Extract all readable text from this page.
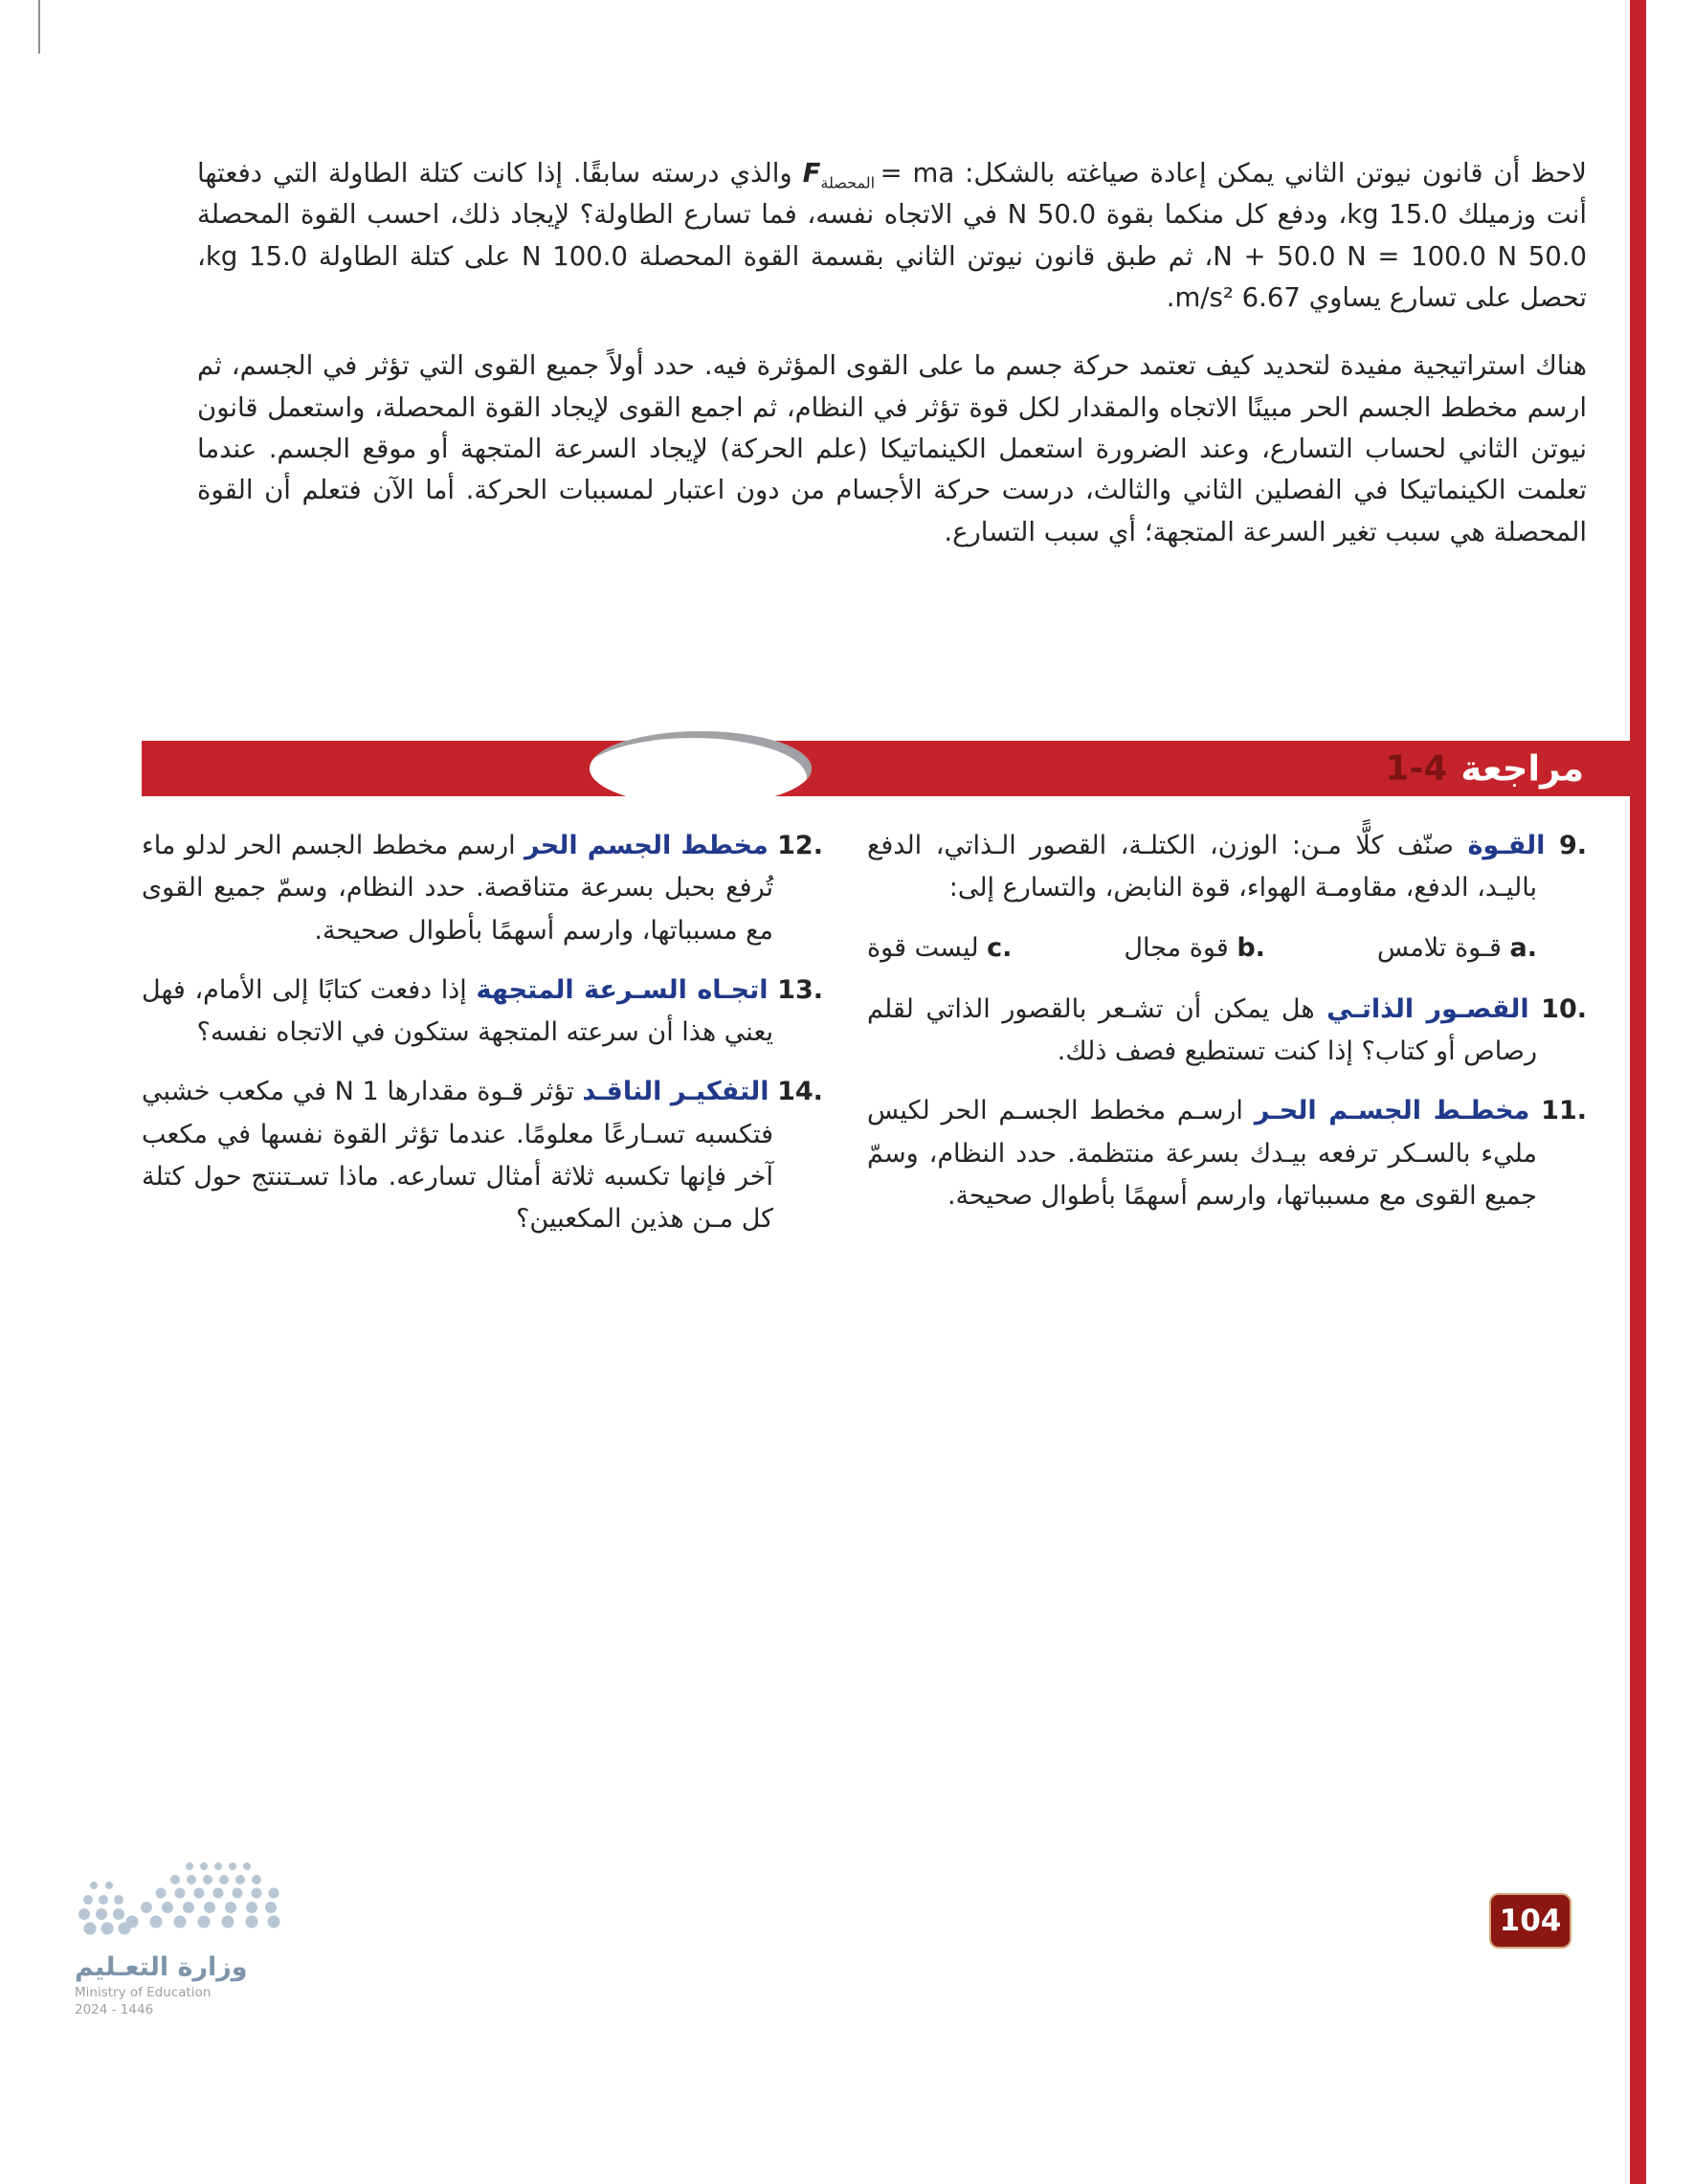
لاحظ أن قانون نيوتن الثاني يمكن إعادة صياغته بالشكل: $F_{المحصلة}$  = ma والذي درسته سابقًا. إذا كانت كتلة الطاولة التي دفعتها أنت وزميلك 15.0 kg، ودفع كل منكما بقوة 50.0 N في الاتجاه نفسه، فما تسارع الطاولة؟ لإيجاد ذلك، احسب القوة المحصلة 50.0 N + 50.0 N = 100.0 N، ثم طبق قانون نيوتن الثاني بقسمة القوة المحصلة 100.0 N على كتلة الطاولة 15.0 kg، تحصل على تسارع يساوي 6.67 m/s².

هناك استراتيجية مفيدة لتحديد كيف تعتمد حركة جسم ما على القوى المؤثرة فيه. حدد أولاً جميع القوى التي تؤثر في الجسم، ثم ارسم مخطط الجسم الحر مبينًا الاتجاه والمقدار لكل قوة تؤثر في النظام، ثم اجمع القوى لإيجاد القوة المحصلة، واستعمل قانون نيوتن الثاني لحساب التسارع، وعند الضرورة استعمل الكينماتيكا (علم الحركة) لإيجاد السرعة المتجهة أو موقع الجسم. عندما تعلمت الكينماتيكا في الفصلين الثاني والثالث، درست حركة الأجسام من دون اعتبار لمسببات الحركة. أما الآن فتعلم أن القوة المحصلة هي سبب تغير السرعة المتجهة؛ أي سبب التسارع.

مراجعة
1-4

9. القـوة صنّف كلًّا مـن: الوزن، الكتلـة، القصور الـذاتي، الدفع باليـد، الدفع، مقاومـة الهواء، قوة النابض، والتسارع إلى:

a. قـوة تلامس
b. قوة مجال
c. ليست قوة

10. القصـور الذاتـي هل يمكن أن تشـعر بالقصور الذاتي لقلم رصاص أو كتاب؟ إذا كنت تستطيع فصف ذلك.

11. مخطـط الجسـم الحـر ارسـم مخطط الجسـم الحر لكيس مليء بالسـكر ترفعه بيـدك بسرعة منتظمة. حدد النظام، وسمّ جميع القوى مع مسبباتها، وارسم أسهمًا بأطوال صحيحة.

12. مخطط الجسم الحر ارسم مخطط الجسم الحر لدلو ماء تُرفع بحبل بسرعة متناقصة. حدد النظام، وسمّ جميع القوى مع مسبباتها، وارسم أسهمًا بأطوال صحيحة.

13. اتجـاه السـرعة المتجهة إذا دفعت كتابًا إلى الأمام، فهل يعني هذا أن سرعته المتجهة ستكون في الاتجاه نفسه؟

14. التفكيـر الناقـد تؤثر قـوة مقدارها 1 N في مكعب خشبي فتكسبه تسـارعًا معلومًا. عندما تؤثر القوة نفسها في مكعب آخر فإنها تكسبه ثلاثة أمثال تسارعه. ماذا تسـتنتج حول كتلة كل مـن هذين المكعبين؟

وزارة التعـليم
Ministry of Education
2024 - 1446
104
